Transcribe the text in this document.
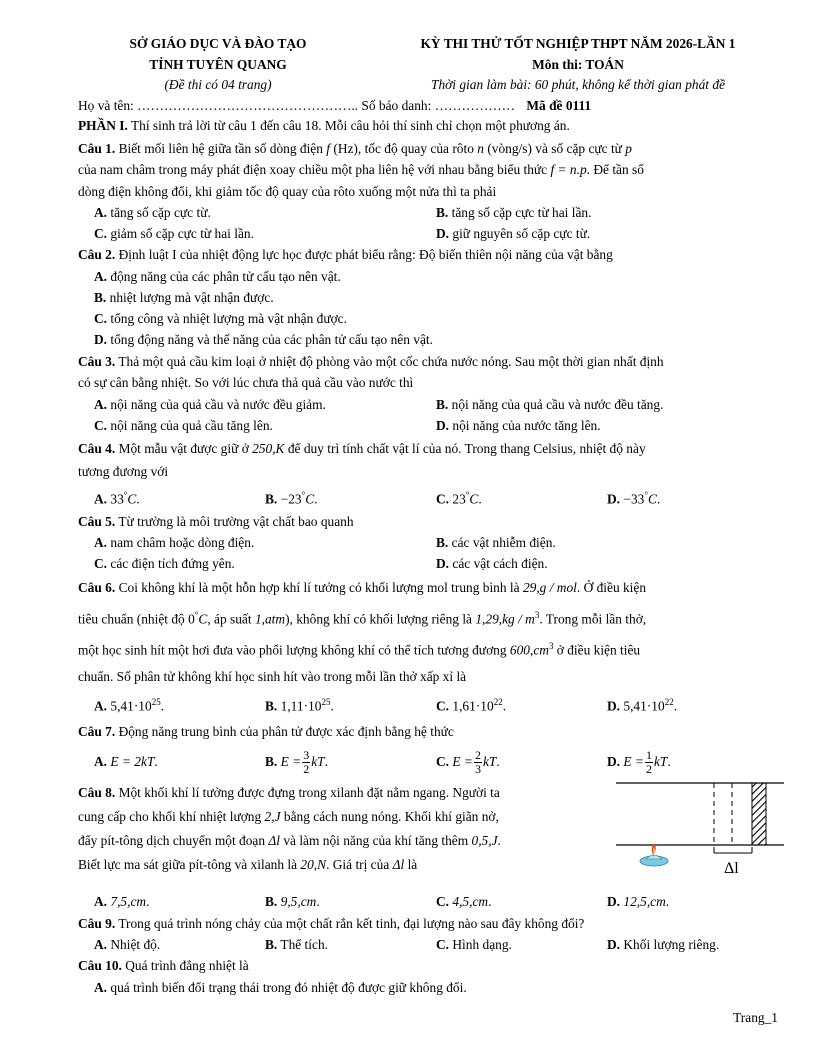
SỞ GIÁO DỤC VÀ ĐÀO TẠO
TỈNH TUYÊN QUANG
(Đề thi có 04 trang)
KỲ THI THỬ TỐT NGHIỆP THPT NĂM 2026-LẦN 1
Môn thi: TOÁN
Thời gian làm bài: 60 phút, không kể thời gian phát đề
Họ và tên: ………………………………………….. Số báo danh: ……………… Mã đề 0111
PHẦN I. Thí sinh trả lời từ câu 1 đến câu 18. Mỗi câu hỏi thí sinh chỉ chọn một phương án.
Câu 1. Biết mối liên hệ giữa tần số dòng điện f (Hz), tốc độ quay của rôto n (vòng/s) và số cặp cực từ p
của nam châm trong máy phát điện xoay chiều một pha liên hệ với nhau bằng biểu thức f = n.p. Để tần số
dòng điện không đổi, khi giảm tốc độ quay của rôto xuống một nửa thì ta phải
A. tăng số cặp cực từ.	B. tăng số cặp cực từ hai lần.
C. giảm số cặp cực từ hai lần.	D. giữ nguyên số cặp cực từ.
Câu 2. Định luật I của nhiệt động lực học được phát biểu rằng: Độ biến thiên nội năng của vật bằng
A. động năng của các phân tử cấu tạo nên vật.
B. nhiệt lượng mà vật nhận được.
C. tổng công và nhiệt lượng mà vật nhận được.
D. tổng động năng và thế năng của các phân tử cấu tạo nên vật.
Câu 3. Thả một quả cầu kim loại ở nhiệt độ phòng vào một cốc chứa nước nóng. Sau một thời gian nhất định
có sự cân bằng nhiệt. So với lúc chưa thả quả cầu vào nước thì
A. nội năng của quả cầu và nước đều giảm.	B. nội năng của quả cầu và nước đều tăng.
C. nội năng của quả cầu tăng lên.	D. nội năng của nước tăng lên.
Câu 4. Một mẫu vật được giữ ở 250,K để duy trì tính chất vật lí của nó. Trong thang Celsius, nhiệt độ này
tương đương với
A. 33°C.	B. −23°C.	C. 23°C.	D. −33°C.
Câu 5. Từ trường là môi trường vật chất bao quanh
A. nam châm hoặc dòng điện.	B. các vật nhiễm điện.
C. các điện tích đứng yên.	D. các vật cách điện.
Câu 6. Coi không khí là một hỗn hợp khí lí tưởng có khối lượng mol trung bình là 29,g / mol. Ở điều kiện
tiêu chuẩn (nhiệt độ 0°C, áp suất 1,atm), không khí có khối lượng riêng là $1,29,kg / m^3$. Trong mỗi lần thở,
một học sinh hít một hơi đưa vào phổi lượng không khí có thể tích tương đương $600,cm^3$ ở điều kiện tiêu
chuẩn. Số phân tử không khí học sinh hít vào trong mỗi lần thở xấp xỉ là
A. $5,41\cdot 10^{25}$.	B. $1,11\cdot 10^{25}$.	C. $1,61\cdot 10^{22}$.	D. $5,41\cdot 10^{22}$.
Câu 7. Động năng trung bình của phân tử được xác định bằng hệ thức
A. E = 2kT.	B. $E = \frac{3}{2}$ kT.	C. $E = \frac{2}{3}$ kT.	D. $E = \frac{1}{2}$ kT.
Câu 8. Một khối khí lí tưởng được đựng trong xilanh đặt nằm ngang. Người ta
cung cấp cho khối khí nhiệt lượng 2,J bằng cách nung nóng. Khối khí giãn nở,
đẩy pít-tông dịch chuyển một đoạn Δl và làm nội năng của khí tăng thêm 0,5,J.
Biết lực ma sát giữa pít-tông và xilanh là 20,N. Giá trị của Δl là	Δl
A. 7,5,cm.	B. 9,5,cm.	C. 4,5,cm.	D. 12,5,cm.
Câu 9. Trong quá trình nóng chảy của một chất rắn kết tinh, đại lượng nào sau đây không đổi?
A. Nhiệt độ.	B. Thể tích.	C. Hình dạng.	D. Khối lượng riêng.
Câu 10. Quá trình đẳng nhiệt là
A. quá trình biến đổi trạng thái trong đó nhiệt độ được giữ không đổi.
Trang_1
